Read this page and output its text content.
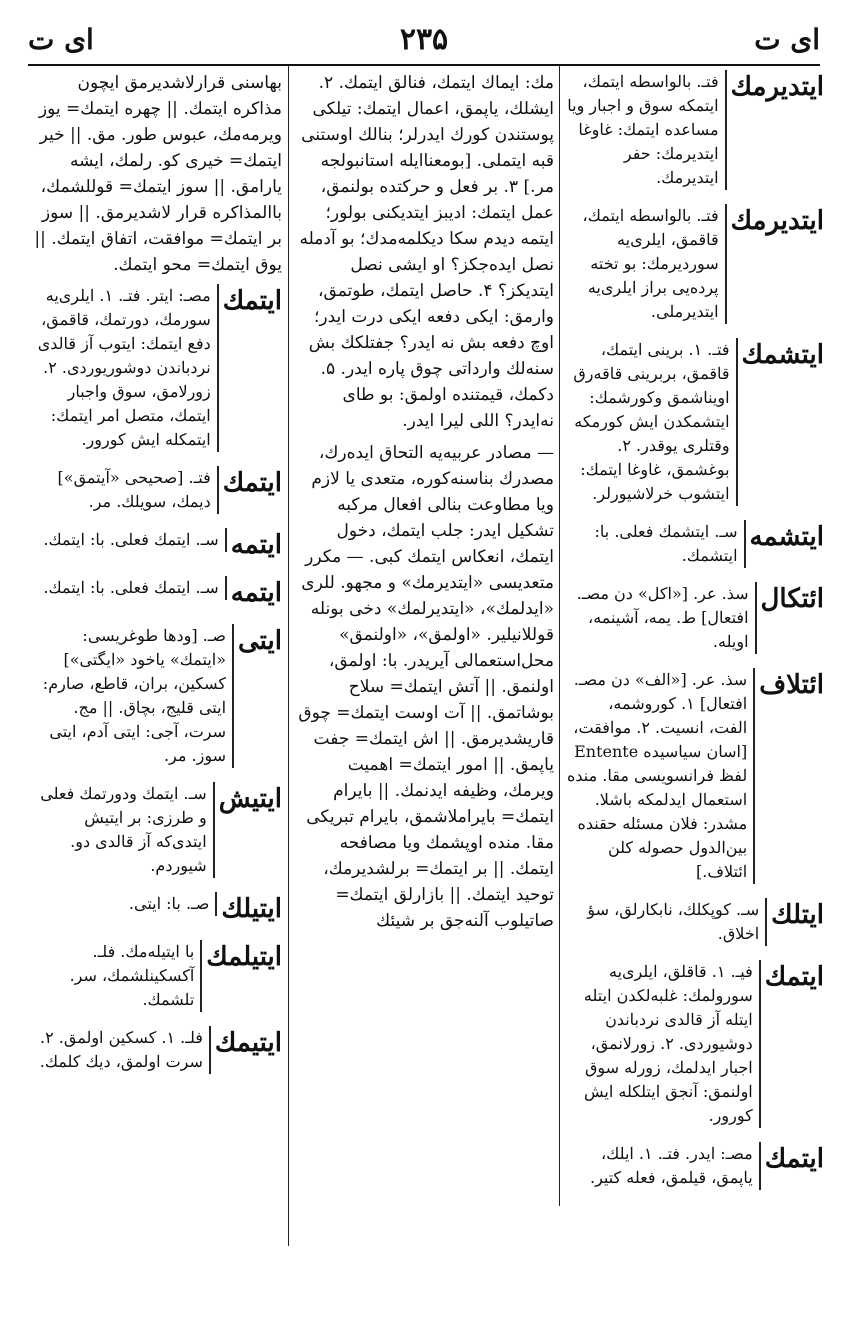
ای ت
۲۳۵
ای ت
ایتدیرمك
فتـ. بالواسطه ایتمك، ایتمكه سوق و اجبار ویا مساعده ایتمك: غاوغا ایتدیرمك: حفر ایتدیرمك.
ایتدیرمك
فتـ. بالواسطه ایتمك، قاقمق، ایلری‌یه سوردیرمك: بو تخته پرده‌یی براز ایلری‌یه ایتدیرملی.
ایتشمك
فتـ. ۱. برینی ایتمك، قاقمق، بربرینی قاقه‌رق اویناشمق وكورشمك: ایتشمكدن ایش كورمكه وقتلری یوقدر. ۲. بوغشمق، غاوغا ایتمك: ایتشوب خرلاشیورلر.
ایتشمه
سـ. ایتشمك فعلی. با: ایتشمك.
ائتكال
سذ. عر. [«اكل» دن مصـ. افتعال] ط. یمه، آشینمه، اویله.
ائتلاف
سذ. عر. [«الف» دن مصـ. افتعال] ۱. كوروشمه، الفت، انسیت. ۲. موافقت، [اسان سیاسیده Entente لفظ فرانسویسی مقا. منده استعمال ایدلمكه باشلا. مشدر: فلان مسئله حقنده بین‌الدول حصوله كلن ائتلاف.]
ایتلك
سـ. كوپكلك، نابكارلق، سؤ اخلاق.
ایتمك
فیـ. ۱. قاقلق، ایلری‌یه سورولمك: غلبه‌لكدن ایتله ایتله آز قالدی نردباندن دوشیوردی. ۲. زورلانمق، اجبار ایدلمك، زورله سوق اولنمق: آنجق ایتلكله ایش كورور.
ایتمك
مصـ: ایدر. فتـ. ۱. ایلك، یاپمق، قیلمق، فعله كتیر.

مك: ایماك ایتمك، فنالق ایتمك. ۲. ایشلك، یاپمق، اعمال ایتمك: تیلكی پوستندن كورك ایدرلر؛ بنالك اوستنی قبه ایتملی. [بومعناایله استانبولجه مر.] ۳. بر فعل و حركتده بولنمق، عمل ایتمك: ادیبز ایتدیكنی بولور؛ ایتمه دیدم سكا دیكلمه‌مدك؛ بو آدمله نصل ایده‌جكز؟ او ایشی نصل ایتدیكز؟ ۴. حاصل ایتمك، طوتمق، وارمق: ایكی دفعه ایكی درت ایدر؛ اوچ دفعه بش نه ایدر؟ جفتلكك بش سنه‌لك وارداتی چوق پاره ایدر. ۵. دكمك، قیمتنده اولمق: بو طای نه‌ایدر؟ اللی لیرا ایدر.

— مصادر عربیه‌یه التحاق ایده‌رك، مصدرك بناسنه‌كوره، متعدی یا لازم ویا مطاوعت بنالی افعال مركبه تشكیل ایدر: جلب ایتمك، دخول ایتمك، انعكاس ایتمك كبی. — مكرر متعدیسی «ایتدیرمك» و مجهو. للری «ایدلمك»، «ایتدیرلمك» دخی بونله قوللانیلیر. «اولمق»، «اولنمق» محل‌استعمالی آیریدر. با: اولمق، اولنمق. || آتش ایتمك= سلاح بوشاتمق. || آت اوست ایتمك= چوق قاریشدیرمق. || اش ایتمك= جفت یاپمق. || امور ایتمك= اهمیت ویرمك، وظیفه ایدنمك. || بایرام ایتمك= بایراملاشمق، بایرام تبریكی مقا. منده اوپشمك ویا مصافحه ایتمك. || بر ایتمك= برلشدیرمك، توحید ایتمك. || بازارلق ایتمك= صاتیلوب آلنه‌جق بر شیئك

بهاسنی قرارلاشدیرمق ایچون مذاكره ایتمك. || چهره ایتمك= یوز ویرمه‌مك، عبوس طور. مق. || خیر ایتمك= خیری كو. رلمك، ایشه یارامق. || سوز ایتمك= قوللشمك، باالمذاكره قرار لاشدیرمق. || سوز بر ایتمك= موافقت، اتفاق ایتمك. || یوق ایتمك= محو ایتمك.

ایتمك
مصـ: ایتر. فتـ. ۱. ایلری‌یه سورمك، دورتمك، قاقمق، دفع ایتمك: ایتوب آز قالدی نردباندن دوشوریوردی. ۲. زورلامق، سوق واجبار ایتمك، متصل امر ایتمك: ایتمكله ایش كورور.
ایتمك
فتـ. [صحیحی «آیتمق»] دیمك، سویلك. مر.
ایتمه
سـ. ایتمك فعلی. با: ایتمك.
ایتمه
سـ. ایتمك فعلی. با: ایتمك.
ایتی
صـ. [ودها طوغریسی: «ایتمك» یاخود «ایگتی»] كسكین، بران، قاطع، صارم: ایتی قلیج، بچاق. || مج. سرت، آجی: ایتی آدم، ایتی سوز. مر.
ایتیش
سـ. ایتمك ودورتمك فعلی و طرزی: بر ایتیش ایتدی‌كه آز قالدی دو. شیوردم.
ایتیلك
صـ. با: ایتی.
ایتیلمك
با ایتیله‌مك. فلـ. آكسكینلشمك، سر. تلشمك.
ایتیمك
فلـ. ۱. كسكین اولمق. ۲. سرت اولمق، دیك كلمك.
